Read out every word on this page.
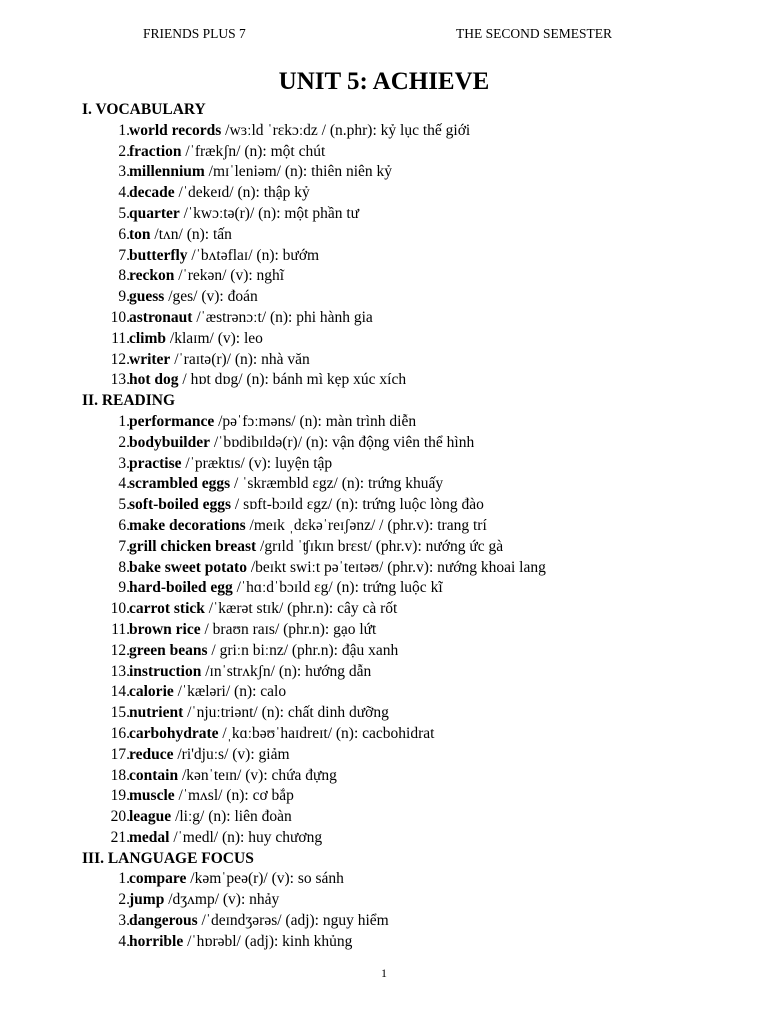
FRIENDS PLUS 7	THE SECOND SEMESTER
UNIT 5: ACHIEVE
I. VOCABULARY
1. world records /wɜːld ˈrɛkɔːdz / (n.phr): kỷ lục thế giới
2. fraction /ˈfrækʃn/ (n): một chút
3. millennium /mɪˈleniəm/ (n): thiên niên kỷ
4. decade /ˈdekeɪd/ (n): thập kỷ
5. quarter /ˈkwɔːtə(r)/ (n): một phần tư
6. ton /tʌn/ (n): tấn
7. butterfly /ˈbʌtəflaɪ/ (n): bướm
8. reckon /ˈrekən/ (v): nghĩ
9. guess /ges/ (v): đoán
10. astronaut /ˈæstrənɔːt/ (n): phi hành gia
11. climb /klaɪm/ (v): leo
12. writer /ˈraɪtə(r)/ (n): nhà văn
13. hot dog / hɒt dɒg/ (n): bánh mì kẹp xúc xích
II. READING
1. performance /pəˈfɔːməns/ (n): màn trình diễn
2. bodybuilder /ˈbɒdibɪldə(r)/ (n): vận động viên thể hình
3. practise /ˈpræktɪs/ (v): luyện tập
4. scrambled eggs / ˈskræmbld ɛgz/ (n): trứng khuấy
5. soft-boiled eggs / sɒft-bɔɪld ɛgz/ (n): trứng luộc lòng đào
6. make decorations /meɪk ˌdɛkəˈreɪʃənz/ / (phr.v): trang trí
7. grill chicken breast /grɪld ˈʧɪkɪn brɛst/ (phr.v): nướng ức gà
8. bake sweet potato /beɪkt swiːt pəˈteɪtəʊ/ (phr.v): nướng khoai lang
9. hard-boiled egg /ˈhɑːdˈbɔɪld ɛg/ (n): trứng luộc kĩ
10. carrot stick /ˈkærət stɪk/ (phr.n): cây cà rốt
11. brown rice / braʊn raɪs/ (phr.n): gạo lứt
12. green beans / griːn biːnz/ (phr.n): đậu xanh
13. instruction /ɪnˈstrʌkʃn/ (n): hướng dẫn
14. calorie /ˈkæləri/ (n): calo
15. nutrient /ˈnjuːtriənt/ (n): chất dinh dưỡng
16. carbohydrate /ˌkɑːbəʊˈhaɪdreɪt/ (n): cacbohidrat
17. reduce /ri'djuːs/ (v): giảm
18. contain /kənˈteɪn/ (v): chứa đựng
19. muscle /ˈmʌsl/ (n): cơ bắp
20. league /liːg/ (n): liên đoàn
21. medal /ˈmedl/ (n): huy chương
III. LANGUAGE FOCUS
1. compare /kəmˈpeə(r)/ (v): so sánh
2. jump /dʒʌmp/ (v): nhảy
3. dangerous /ˈdeɪndʒərəs/ (adj): nguy hiểm
4. horrible /ˈhɒrəbl/ (adj): kinh khủng
1
